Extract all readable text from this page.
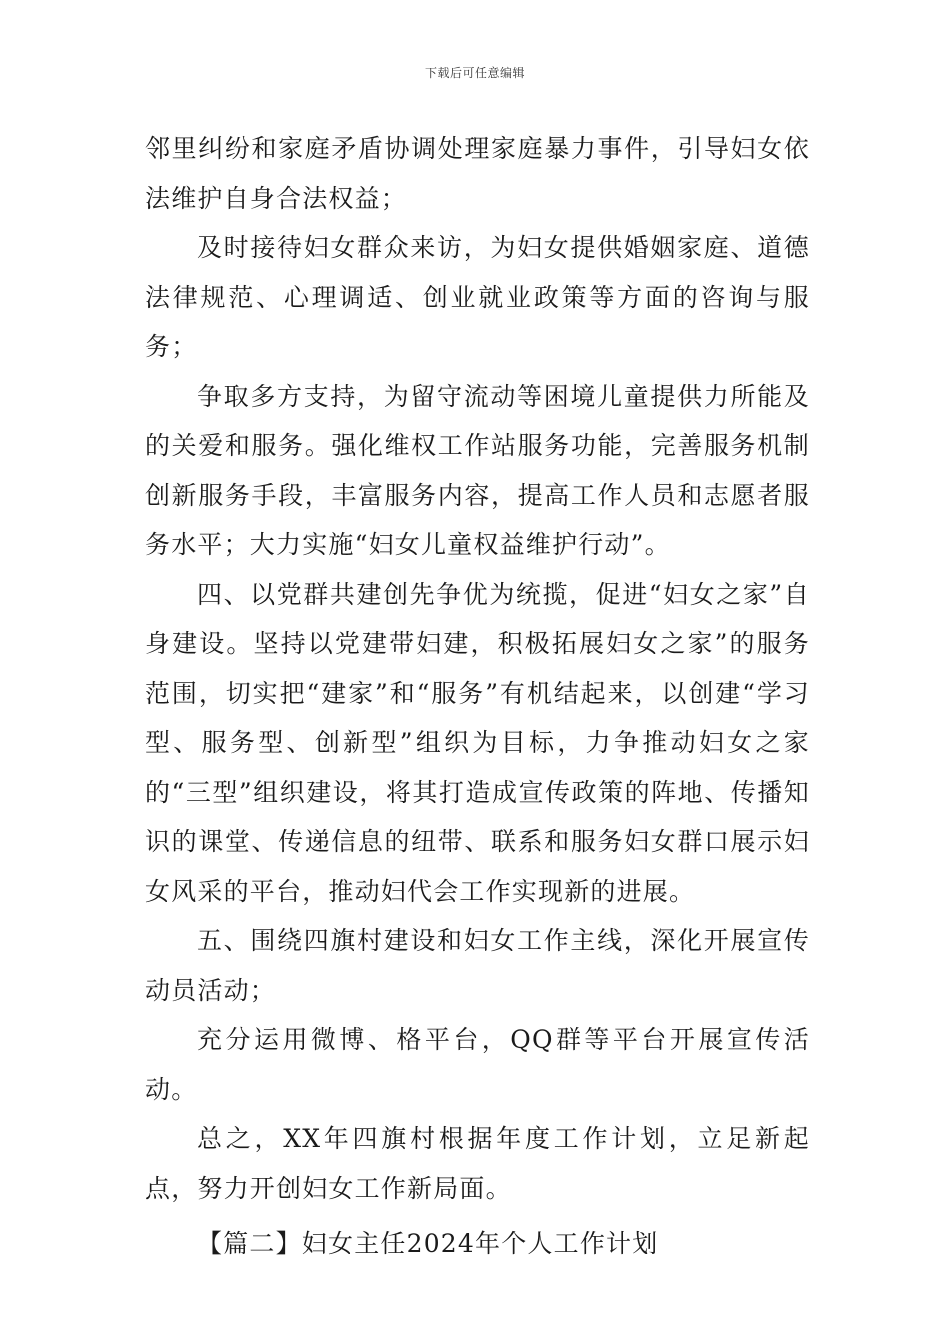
下载后可任意编辑

邻里纠纷和家庭矛盾协调处理家庭暴力事件，引导妇女依法维护自身合法权益；

及时接待妇女群众来访，为妇女提供婚姻家庭、道德法律规范、心理调适、创业就业政策等方面的咨询与服务；

争取多方支持，为留守流动等困境儿童提供力所能及的关爱和服务。强化维权工作站服务功能，完善服务机制创新服务手段，丰富服务内容，提高工作人员和志愿者服务水平；大力实施“妇女儿童权益维护行动”。

四、以党群共建创先争优为统揽，促进“妇女之家”自身建设。坚持以党建带妇建，积极拓展妇女之家”的服务范围，切实把“建家”和“服务”有机结起来，以创建“学习型、服务型、创新型”组织为目标，力争推动妇女之家的“三型”组织建设，将其打造成宣传政策的阵地、传播知识的课堂、传递信息的纽带、联系和服务妇女群口展示妇女风采的平台，推动妇代会工作实现新的进展。

五、围绕四旗村建设和妇女工作主线，深化开展宣传动员活动；

充分运用微博、格平台，QQ群等平台开展宣传活动。

总之，XX年四旗村根据年度工作计划，立足新起点，努力开创妇女工作新局面。

【篇二】妇女主任2024年个人工作计划
